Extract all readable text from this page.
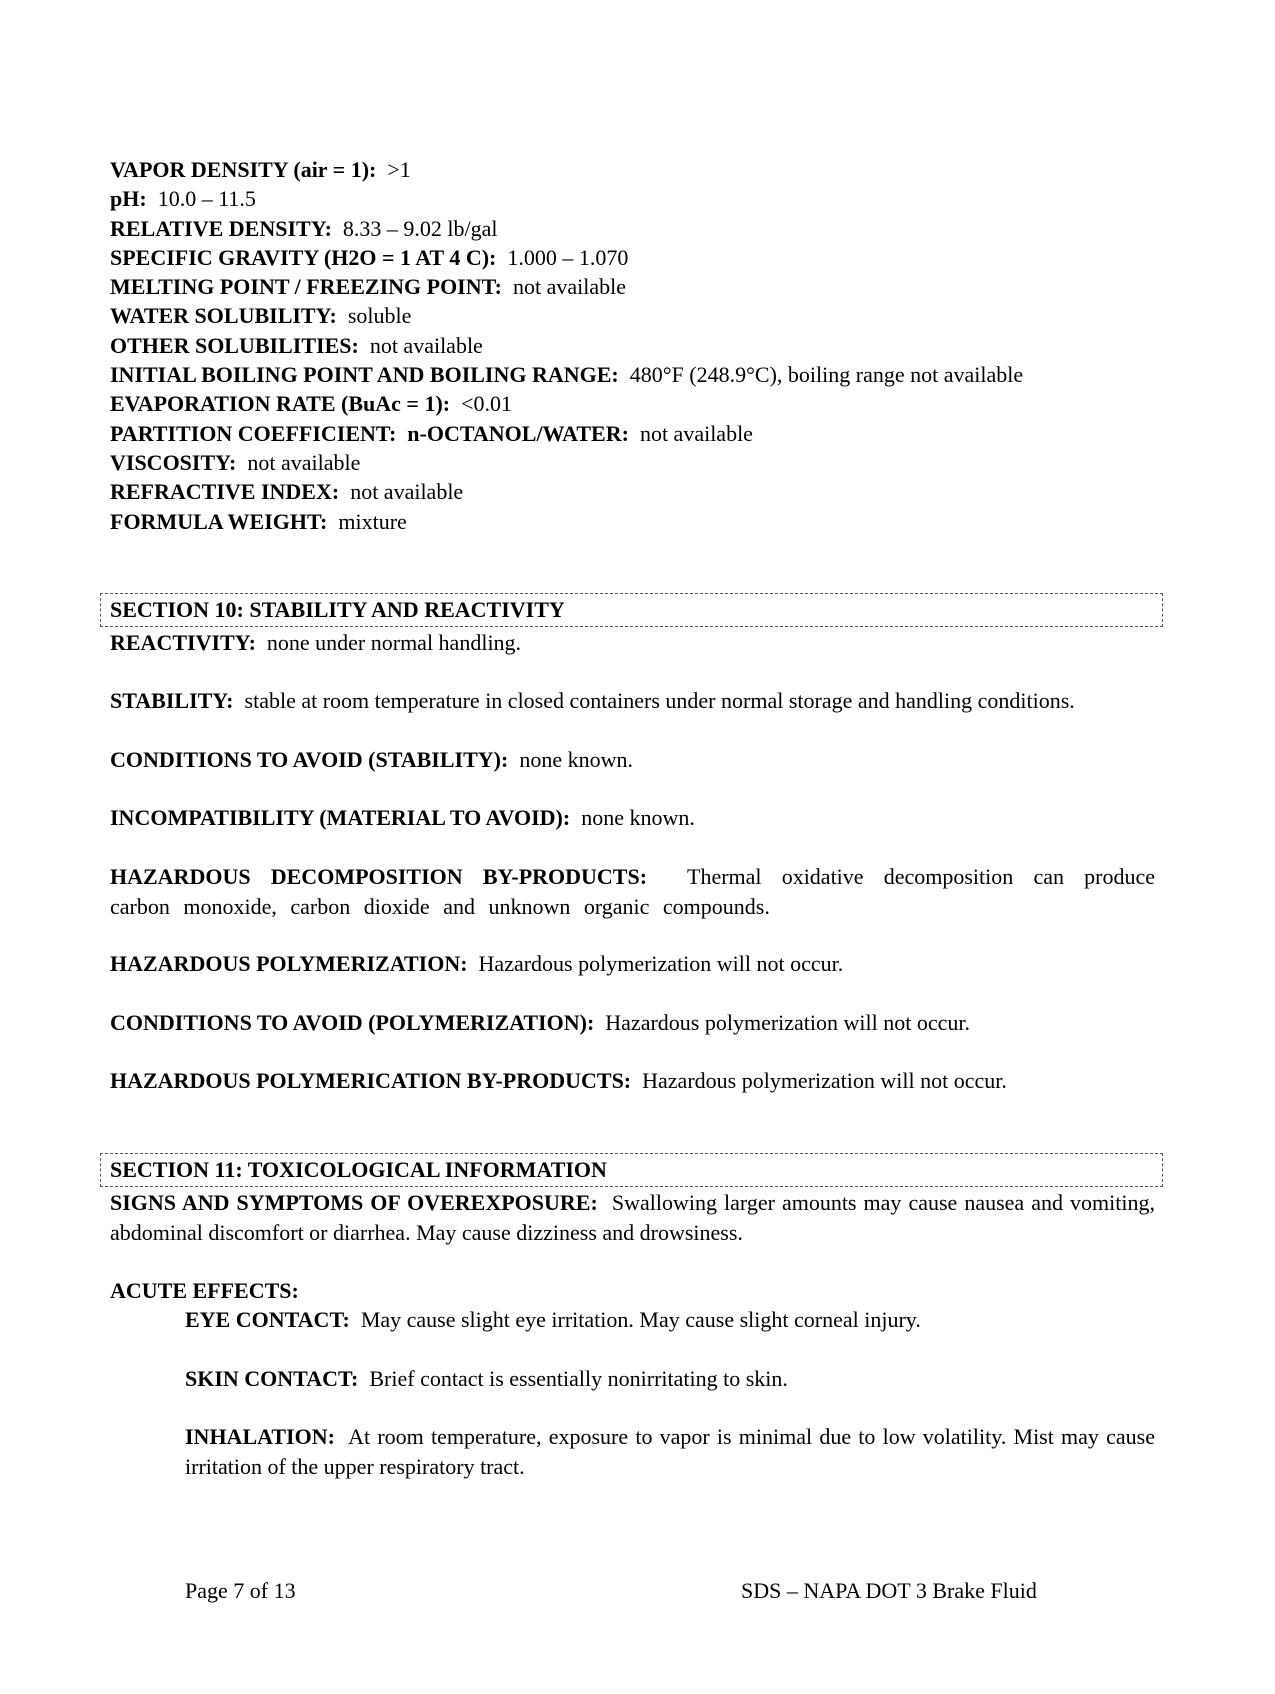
VAPOR DENSITY (air = 1): >1
pH: 10.0 – 11.5
RELATIVE DENSITY: 8.33 – 9.02 lb/gal
SPECIFIC GRAVITY (H2O = 1 AT 4 C): 1.000 – 1.070
MELTING POINT / FREEZING POINT: not available
WATER SOLUBILITY: soluble
OTHER SOLUBILITIES: not available
INITIAL BOILING POINT AND BOILING RANGE: 480°F (248.9°C), boiling range not available
EVAPORATION RATE (BuAc = 1): <0.01
PARTITION COEFFICIENT: n-OCTANOL/WATER: not available
VISCOSITY: not available
REFRACTIVE INDEX: not available
FORMULA WEIGHT: mixture
SECTION 10: STABILITY AND REACTIVITY
REACTIVITY: none under normal handling.
STABILITY: stable at room temperature in closed containers under normal storage and handling conditions.
CONDITIONS TO AVOID (STABILITY): none known.
INCOMPATIBILITY (MATERIAL TO AVOID): none known.
HAZARDOUS DECOMPOSITION BY-PRODUCTS: Thermal oxidative decomposition can produce carbon monoxide, carbon dioxide and unknown organic compounds.
HAZARDOUS POLYMERIZATION: Hazardous polymerization will not occur.
CONDITIONS TO AVOID (POLYMERIZATION): Hazardous polymerization will not occur.
HAZARDOUS POLYMERICATION BY-PRODUCTS: Hazardous polymerization will not occur.
SECTION 11: TOXICOLOGICAL INFORMATION
SIGNS AND SYMPTOMS OF OVEREXPOSURE: Swallowing larger amounts may cause nausea and vomiting, abdominal discomfort or diarrhea. May cause dizziness and drowsiness.
ACUTE EFFECTS:
EYE CONTACT: May cause slight eye irritation. May cause slight corneal injury.
SKIN CONTACT: Brief contact is essentially nonirritating to skin.
INHALATION: At room temperature, exposure to vapor is minimal due to low volatility. Mist may cause irritation of the upper respiratory tract.
Page 7 of 13	SDS – NAPA DOT 3 Brake Fluid
